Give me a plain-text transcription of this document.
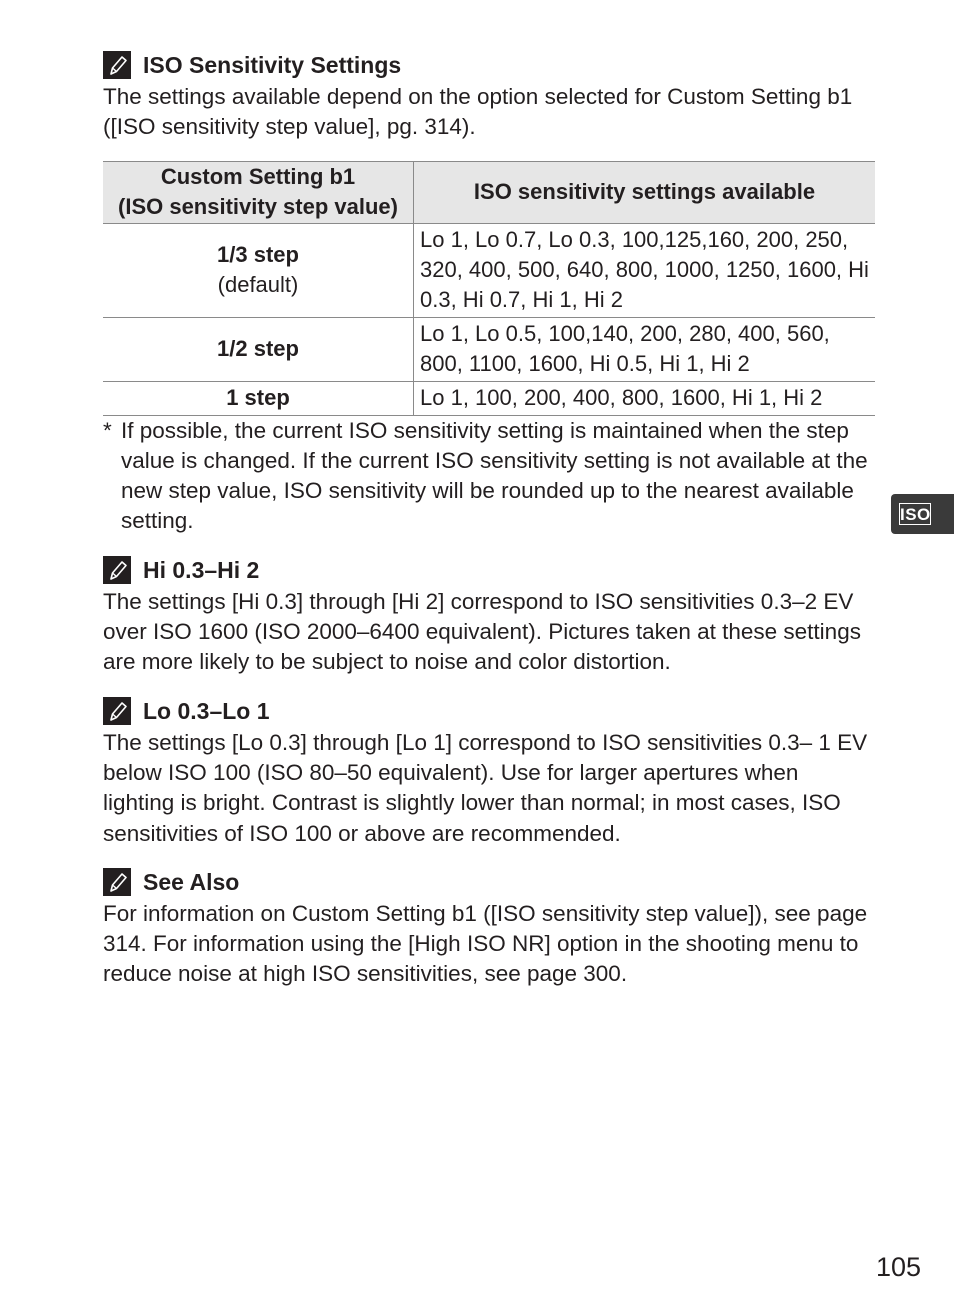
ISO Sensitivity Settings

The settings available depend on the option selected for Custom Setting b1 ([ISO sensitivity step value], pg. 314).

Custom Setting b1
(ISO sensitivity step value)	ISO sensitivity settings available

1/3 step
(default)	Lo 1, Lo 0.7, Lo 0.3, 100,125,160, 200, 250, 320, 400, 500, 640, 800, 1000, 1250, 1600, Hi 0.3, Hi 0.7, Hi 1, Hi 2

1/2 step	Lo 1, Lo 0.5, 100,140, 200, 280, 400, 560, 800, 1100, 1600, Hi 0.5, Hi 1, Hi 2

1 step	Lo 1, 100, 200, 400, 800, 1600, Hi 1, Hi 2
* If possible, the current ISO sensitivity setting is maintained when the step value is changed. If the current ISO sensitivity setting is not available at the new step value, ISO sensitivity will be rounded up to the nearest available setting.
Hi 0.3–Hi 2

The settings [Hi 0.3] through [Hi 2] correspond to ISO sensitivities 0.3–2 EV over ISO 1600 (ISO 2000–6400 equivalent). Pictures taken at these settings are more likely to be subject to noise and color distortion.

Lo 0.3–Lo 1

The settings [Lo 0.3] through [Lo 1] correspond to ISO sensitivities 0.3– 1 EV below ISO 100 (ISO 80–50 equivalent). Use for larger apertures when lighting is bright. Contrast is slightly lower than normal; in most cases, ISO sensitivities of ISO 100 or above are recommended.

See Also

For information on Custom Setting b1 ([ISO sensitivity step value]), see page 314. For information using the [High ISO NR] option in the shooting menu to reduce noise at high ISO sensitivities, see page 300.

ISO
105
